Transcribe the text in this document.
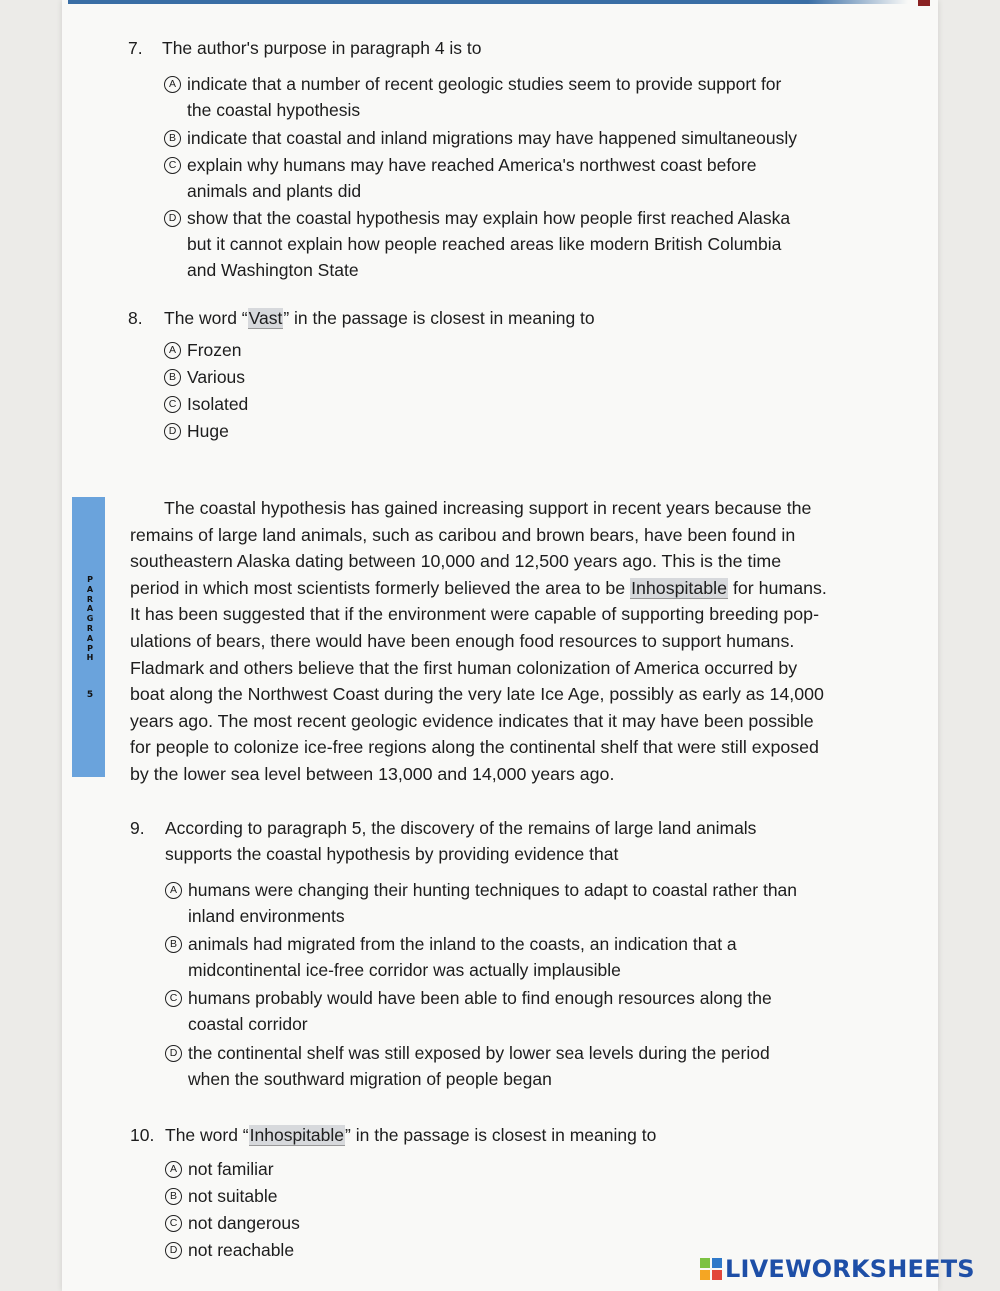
7. The author's purpose in paragraph 4 is to
A indicate that a number of recent geologic studies seem to provide support for
the coastal hypothesis
B indicate that coastal and inland migrations may have happened simultaneously
C explain why humans may have reached America's northwest coast before
animals and plants did
D show that the coastal hypothesis may explain how people first reached Alaska
but it cannot explain how people reached areas like modern British Columbia
and Washington State
8. The word “Vast” in the passage is closest in meaning to
A Frozen
B Various
C Isolated
D Huge
P
A
R
A
G
R
A
P
H
5
The coastal hypothesis has gained increasing support in recent years because the
remains of large land animals, such as caribou and brown bears, have been found in
southeastern Alaska dating between 10,000 and 12,500 years ago. This is the time
period in which most scientists formerly believed the area to be Inhospitable for humans.
It has been suggested that if the environment were capable of supporting breeding pop-
ulations of bears, there would have been enough food resources to support humans.
Fladmark and others believe that the first human colonization of America occurred by
boat along the Northwest Coast during the very late Ice Age, possibly as early as 14,000
years ago. The most recent geologic evidence indicates that it may have been possible
for people to colonize ice-free regions along the continental shelf that were still exposed
by the lower sea level between 13,000 and 14,000 years ago.
9. According to paragraph 5, the discovery of the remains of large land animals
supports the coastal hypothesis by providing evidence that
A humans were changing their hunting techniques to adapt to coastal rather than
inland environments
B animals had migrated from the inland to the coasts, an indication that a
midcontinental ice-free corridor was actually implausible
C humans probably would have been able to find enough resources along the
coastal corridor
D the continental shelf was still exposed by lower sea levels during the period
when the southward migration of people began
10. The word “Inhospitable” in the passage is closest in meaning to
A not familiar
B not suitable
C not dangerous
D not reachable
LIVEWORKSHEETS
